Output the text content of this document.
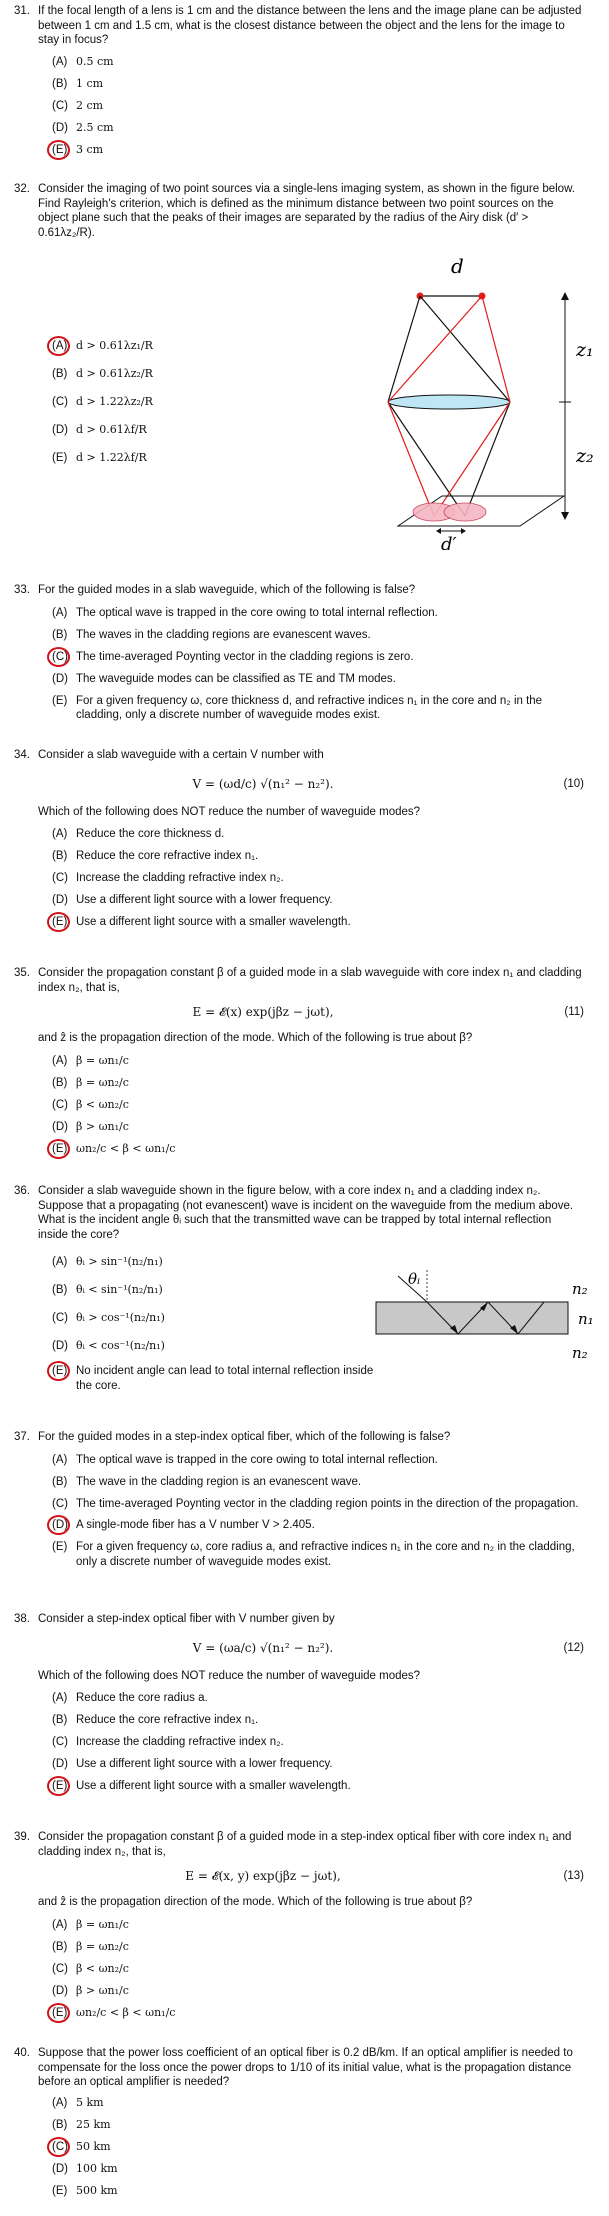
31. If the focal length of a lens is 1 cm and the distance between the lens and the image plane can be adjusted between 1 cm and 1.5 cm, what is the closest distance between the object and the lens for the image to stay in focus?
(A) 0.5 cm
(B) 1 cm
(C) 2 cm
(D) 2.5 cm
(E) 3 cm
32. Consider the imaging of two point sources via a single-lens imaging system, as shown in the figure below. Find Rayleigh's criterion, which is defined as the minimum distance between two point sources on the object plane such that the peaks of their images are separated by the radius of the Airy disk (d′ > 0.61λz₂/R).
(A) d > 0.61λz₁/R
(B) d > 0.61λz₂/R
(C) d > 1.22λz₂/R
(D) d > 0.61λf/R
(E) d > 1.22λf/R
d
d′
z₁
z₂
33. For the guided modes in a slab waveguide, which of the following is false?
(A) The optical wave is trapped in the core owing to total internal reflection.
(B) The waves in the cladding regions are evanescent waves.
(C) The time-averaged Poynting vector in the cladding regions is zero.
(D) The waveguide modes can be classified as TE and TM modes.
(E) For a given frequency ω, core thickness d, and refractive indices n₁ in the core and n₂ in the cladding, only a discrete number of waveguide modes exist.
34. Consider a slab waveguide with a certain V number with
V = (ωd/c) √(n₁² − n₂²).	(10)
Which of the following does NOT reduce the number of waveguide modes?
(A) Reduce the core thickness d.
(B) Reduce the core refractive index n₁.
(C) Increase the cladding refractive index n₂.
(D) Use a different light source with a lower frequency.
(E) Use a different light source with a smaller wavelength.
35. Consider the propagation constant β of a guided mode in a slab waveguide with core index n₁ and cladding index n₂, that is,
E = 𝓔(x) exp(jβz − jωt),	(11)
and ẑ is the propagation direction of the mode. Which of the following is true about β?
(A) β = ωn₁/c
(B) β = ωn₂/c
(C) β < ωn₂/c
(D) β > ωn₁/c
(E) ωn₂/c < β < ωn₁/c
36. Consider a slab waveguide shown in the figure below, with a core index n₁ and a cladding index n₂. Suppose that a propagating (not evanescent) wave is incident on the waveguide from the medium above. What is the incident angle θᵢ such that the transmitted wave can be trapped by total internal reflection inside the core?
(A) θᵢ > sin⁻¹(n₂/n₁)
(B) θᵢ < sin⁻¹(n₂/n₁)
(C) θᵢ > cos⁻¹(n₂/n₁)
(D) θᵢ < cos⁻¹(n₂/n₁)
(E) No incident angle can lead to total internal reflection inside the core.
θᵢ
n₂
n₁
n₂
37. For the guided modes in a step-index optical fiber, which of the following is false?
(A) The optical wave is trapped in the core owing to total internal reflection.
(B) The wave in the cladding region is an evanescent wave.
(C) The time-averaged Poynting vector in the cladding region points in the direction of the propagation.
(D) A single-mode fiber has a V number V > 2.405.
(E) For a given frequency ω, core radius a, and refractive indices n₁ in the core and n₂ in the cladding, only a discrete number of waveguide modes exist.
38. Consider a step-index optical fiber with V number given by
V = (ωa/c) √(n₁² − n₂²).	(12)
Which of the following does NOT reduce the number of waveguide modes?
(A) Reduce the core radius a.
(B) Reduce the core refractive index n₁.
(C) Increase the cladding refractive index n₂.
(D) Use a different light source with a lower frequency.
(E) Use a different light source with a smaller wavelength.
39. Consider the propagation constant β of a guided mode in a step-index optical fiber with core index n₁ and cladding index n₂, that is,
E = 𝓔(x, y) exp(jβz − jωt),	(13)
and ẑ is the propagation direction of the mode. Which of the following is true about β?
(A) β = ωn₁/c
(B) β = ωn₂/c
(C) β < ωn₂/c
(D) β > ωn₁/c
(E) ωn₂/c < β < ωn₁/c
40. Suppose that the power loss coefficient of an optical fiber is 0.2 dB/km. If an optical amplifier is needed to compensate for the loss once the power drops to 1/10 of its initial value, what is the propagation distance before an optical amplifier is needed?
(A) 5 km
(B) 25 km
(C) 50 km
(D) 100 km
(E) 500 km
